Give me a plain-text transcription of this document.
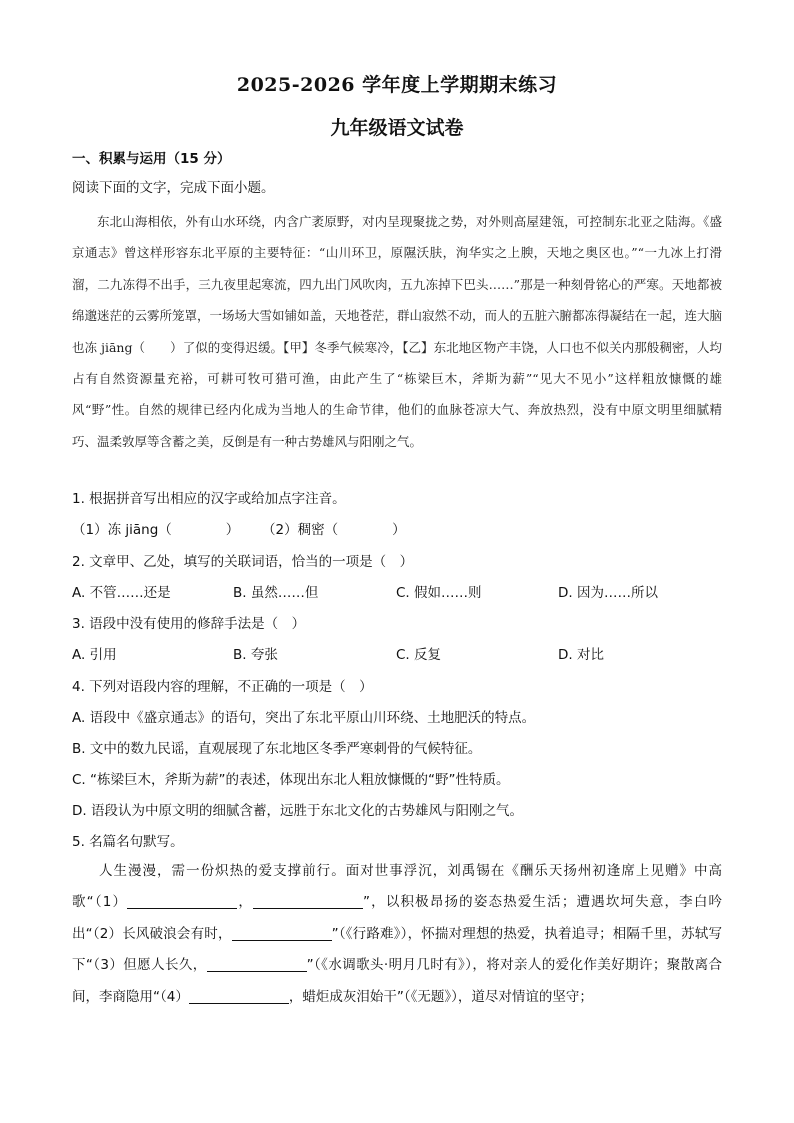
2025-2026 学年度上学期期末练习
九年级语文试卷
一、积累与运用（15 分）
阅读下面的文字，完成下面小题。
东北山海相依，外有山水环绕，内含广袤原野，对内呈现聚拢之势，对外则高屋建瓴，可控制东北亚之陆海。《盛京通志》曾这样形容东北平原的主要特征：“山川环卫，原隰沃肤，洵华实之上腴，天地之奥区也。”“一九冰上打滑溜，二九冻得不出手，三九夜里起寒流，四九出门风吹肉，五九冻掉下巴头……”那是一种刻骨铭心的严寒。天地都被绵邈迷茫的云雾所笼罩，一场场大雪如铺如盖，天地苍茫，群山寂然不动，而人的五脏六腑都冻得凝结在一起，连大脑也冻 jiāng（　　）了似的变得迟缓。【甲】冬季气候寒冷，【乙】东北地区物产丰饶，人口也不似关内那般稠密，人均占有自然资源量充裕，可耕可牧可猎可渔，由此产生了“栋梁巨木，斧斯为薪”“见大不见小”这样粗放慷慨的雄风“野”性。自然的规律已经内化成为当地人的生命节律，他们的血脉苍凉大气、奔放热烈，没有中原文明里细腻精巧、温柔敦厚等含蓄之美，反倒是有一种古势雄风与阳刚之气。
1. 根据拼音写出相应的汉字或给加点字注音。
（1）冻 jiāng（　　　　） （2）稠密（　　　　）
2. 文章甲、乙处，填写的关联词语，恰当的一项是（　）
A. 不管……还是	B. 虽然……但	C. 假如……则	D. 因为……所以
3. 语段中没有使用的修辞手法是（　）
A. 引用	B. 夸张	C. 反复	D. 对比
4. 下列对语段内容的理解，不正确的一项是（　）
A. 语段中《盛京通志》的语句，突出了东北平原山川环绕、土地肥沃的特点。
B. 文中的数九民谣，直观展现了东北地区冬季严寒刺骨的气候特征。
C. “栋梁巨木，斧斯为薪”的表述，体现出东北人粗放慷慨的“野”性特质。
D. 语段认为中原文明的细腻含蓄，远胜于东北文化的古势雄风与阳刚之气。
5. 名篇名句默写。
人生漫漫，需一份炽热的爱支撑前行。面对世事浮沉，刘禹锡在《酬乐天扬州初逢席上见赠》中高歌“（1）	，	”，以积极昂扬的姿态热爱生活；遭遇坎坷失意，李白吟出“（2）长风破浪会有时，	”（《行路难》），怀揣对理想的热爱，执着追寻；相隔千里，苏轼写下“（3）但愿人长久，	”（《水调歌头·明月几时有》），将对亲人的爱化作美好期许；聚散离合间，李商隐用“（4）	，蜡炬成灰泪始干”（《无题》），道尽对情谊的坚守；
